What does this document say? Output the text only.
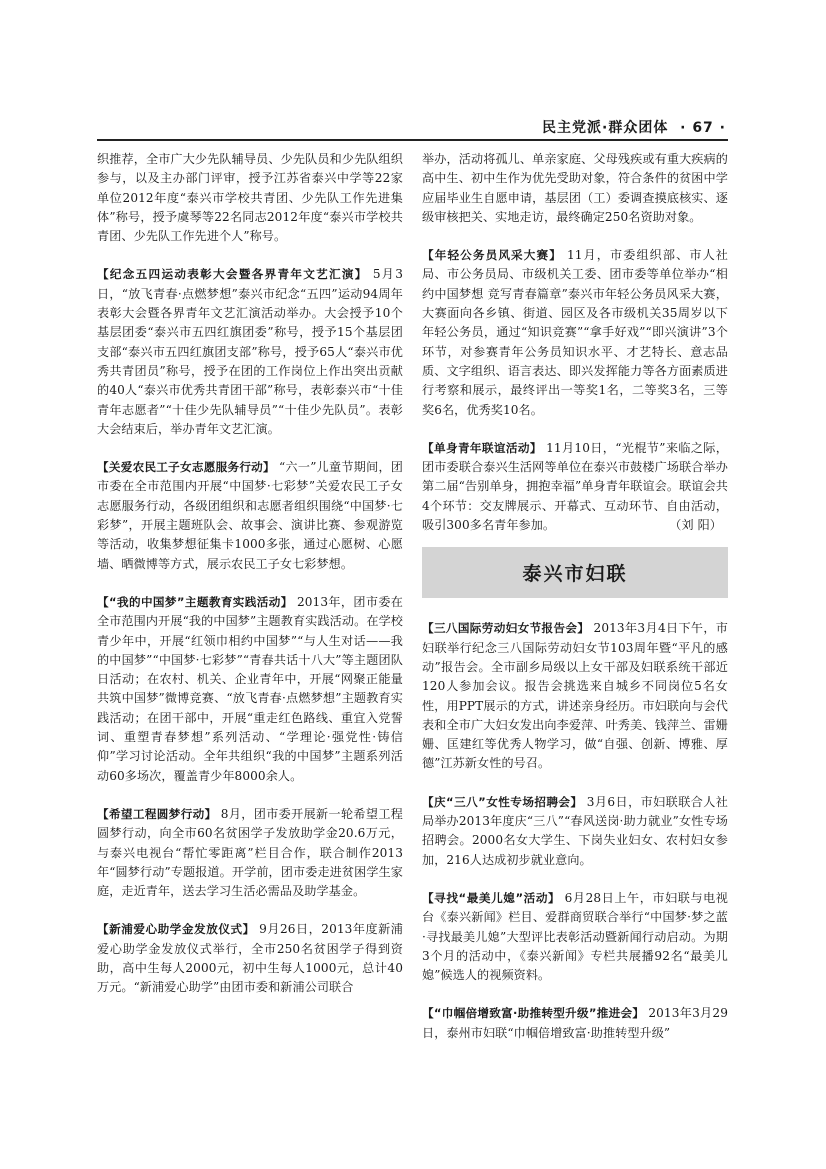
民主党派·群众团体 · 67 ·

织推荐，全市广大少先队辅导员、少先队员和少先队组织参与，以及主办部门评审，授予江苏省泰兴中学等22家单位2012年度“泰兴市学校共青团、少先队工作先进集体”称号，授予虞琴等22名同志2012年度“泰兴市学校共青团、少先队工作先进个人”称号。

【纪念五四运动表彰大会暨各界青年文艺汇演】 5月3日，“放飞青春·点燃梦想”泰兴市纪念“五四”运动94周年表彰大会暨各界青年文艺汇演活动举办。大会授予10个基层团委“泰兴市五四红旗团委”称号，授予15个基层团支部“泰兴市五四红旗团支部”称号，授予65人“泰兴市优秀共青团员”称号，授予在团的工作岗位上作出突出贡献的40人“泰兴市优秀共青团干部”称号，表彰泰兴市“十佳青年志愿者”“十佳少先队辅导员”“十佳少先队员”。表彰大会结束后，举办青年文艺汇演。

【关爱农民工子女志愿服务行动】 “六一”儿童节期间，团市委在全市范围内开展“中国梦·七彩梦”关爱农民工子女志愿服务行动，各级团组织和志愿者组织围绕“中国梦·七彩梦”，开展主题班队会、故事会、演讲比赛、参观游览等活动，收集梦想征集卡1000多张，通过心愿树、心愿墙、晒微博等方式，展示农民工子女七彩梦想。

【“我的中国梦”主题教育实践活动】 2013年，团市委在全市范围内开展“我的中国梦”主题教育实践活动。在学校青少年中，开展“红领巾相约中国梦”“与人生对话——我的中国梦”“中国梦·七彩梦”“青春共话十八大”等主题团队日活动；在农村、机关、企业青年中，开展“网聚正能量 共筑中国梦”微博竞赛、“放飞青春·点燃梦想”主题教育实践活动；在团干部中，开展“重走红色路线、重宜入党誓词、重塑青春梦想”系列活动、“学理论·强党性·铸信仰”学习讨论活动。全年共组织“我的中国梦”主题系列活动60多场次，覆盖青少年8000余人。

【希望工程圆梦行动】 8月，团市委开展新一轮希望工程圆梦行动，向全市60名贫困学子发放助学金20.6万元，与泰兴电视台“帮忙零距离”栏目合作，联合制作2013年“圆梦行动”专题报道。开学前，团市委走进贫困学生家庭，走近青年，送去学习生活必需品及助学基金。

【新浦爱心助学金发放仪式】 9月26日，2013年度新浦爱心助学金发放仪式举行，全市250名贫困学子得到资助，高中生每人2000元，初中生每人1000元，总计40万元。“新浦爱心助学”由团市委和新浦公司联合

举办，活动将孤儿、单亲家庭、父母残疾或有重大疾病的高中生、初中生作为优先受助对象，符合条件的贫困中学应届毕业生自愿申请，基层团（工）委调查摸底核实、逐级审核把关、实地走访，最终确定250名资助对象。

【年轻公务员风采大赛】 11月，市委组织部、市人社局、市公务员局、市级机关工委、团市委等单位举办“相约中国梦想 竞写青春篇章”泰兴市年轻公务员风采大赛，大赛面向各乡镇、街道、园区及各市级机关35周岁以下年轻公务员，通过“知识竞赛”“拿手好戏”“即兴演讲”3个环节，对参赛青年公务员知识水平、才艺特长、意志品质、文字组织、语言表达、即兴发挥能力等各方面素质进行考察和展示，最终评出一等奖1名，二等奖3名，三等奖6名，优秀奖10名。

【单身青年联谊活动】 11月10日，“光棍节”来临之际，团市委联合泰兴生活网等单位在泰兴市鼓楼广场联合举办第二届“告别单身，拥抱幸福”单身青年联谊会。联谊会共4个环节：交友牌展示、开幕式、互动环节、自由活动，吸引300多名青年参加。	（刘 阳）

泰兴市妇联

【三八国际劳动妇女节报告会】 2013年3月4日下午，市妇联举行纪念三八国际劳动妇女节103周年暨“平凡的感动”报告会。全市副乡局级以上女干部及妇联系统干部近120人参加会议。报告会挑选来自城乡不同岗位5名女性，用PPT展示的方式，讲述亲身经历。市妇联向与会代表和全市广大妇女发出向李爱萍、叶秀美、钱萍兰、雷姗姗、匡建红等优秀人物学习，做“自强、创新、博雅、厚德”江苏新女性的号召。

【庆“三八”女性专场招聘会】 3月6日，市妇联联合人社局举办2013年度庆“三八”“春风送岗·助力就业”女性专场招聘会。2000名女大学生、下岗失业妇女、农村妇女参加，216人达成初步就业意向。

【寻找“最美儿媳”活动】 6月28日上午，市妇联与电视台《泰兴新闻》栏目、爱群商贸联合举行“中国梦·梦之蓝·寻找最美儿媳”大型评比表彰活动暨新闻行动启动。为期3个月的活动中，《泰兴新闻》专栏共展播92名“最美儿媳”候选人的视频资料。

【“巾帼倍增致富·助推转型升级”推进会】 2013年3月29日，泰州市妇联“巾帼倍增致富·助推转型升级”
